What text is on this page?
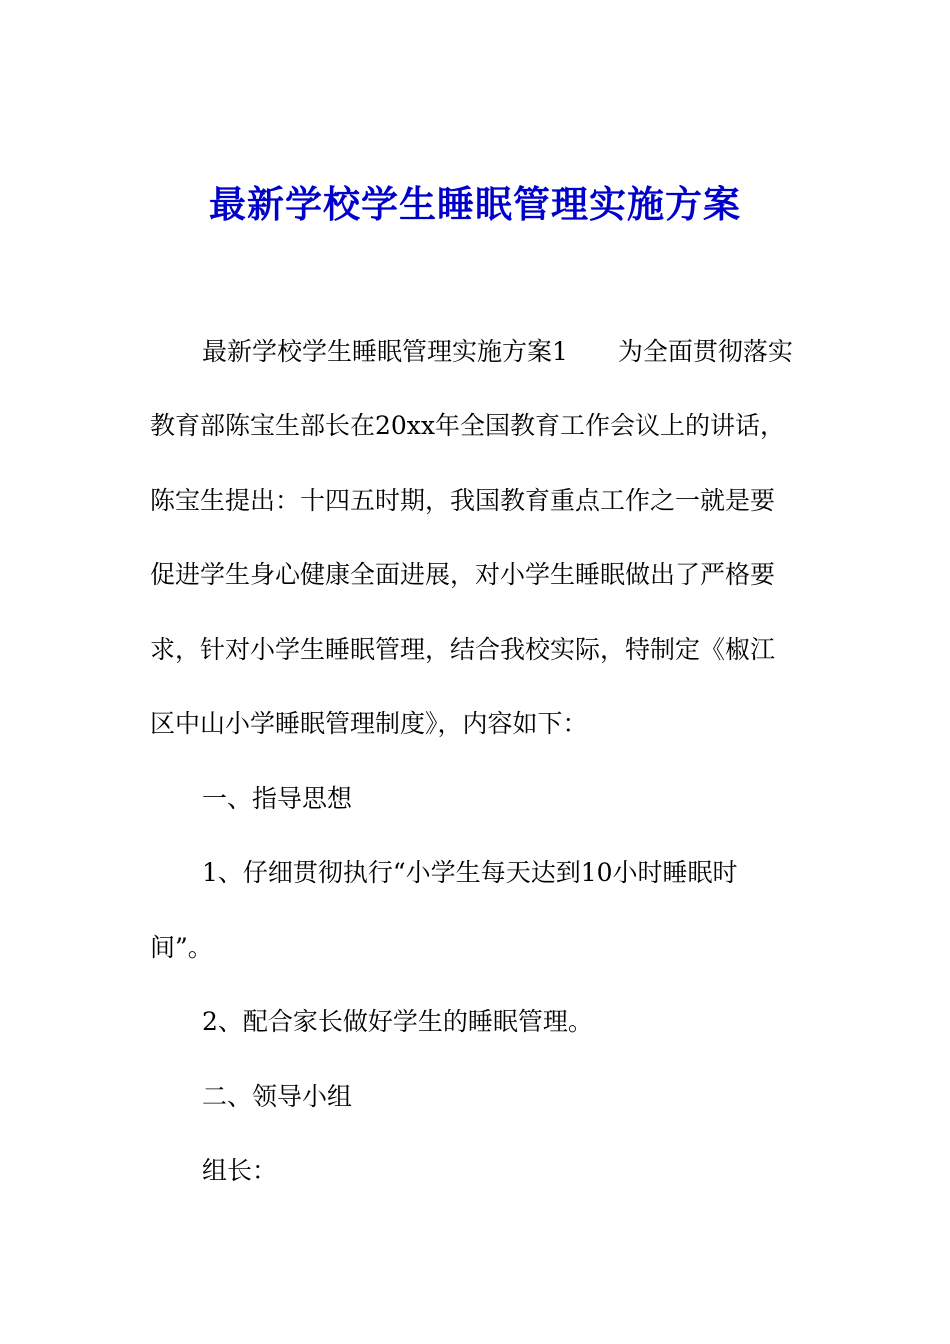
最新学校学生睡眠管理实施方案
最新学校学生睡眠管理实施方案1　　为全面贯彻落实
教育部陈宝生部长在20xx年全国教育工作会议上的讲话，
陈宝生提出：十四五时期，我国教育重点工作之一就是要
促进学生身心健康全面进展，对小学生睡眠做出了严格要
求，针对小学生睡眠管理，结合我校实际，特制定《椒江
区中山小学睡眠管理制度》，内容如下：
一、指导思想
1、仔细贯彻执行“小学生每天达到10小时睡眠时
间”。
2、配合家长做好学生的睡眠管理。
二、领导小组
组长：
